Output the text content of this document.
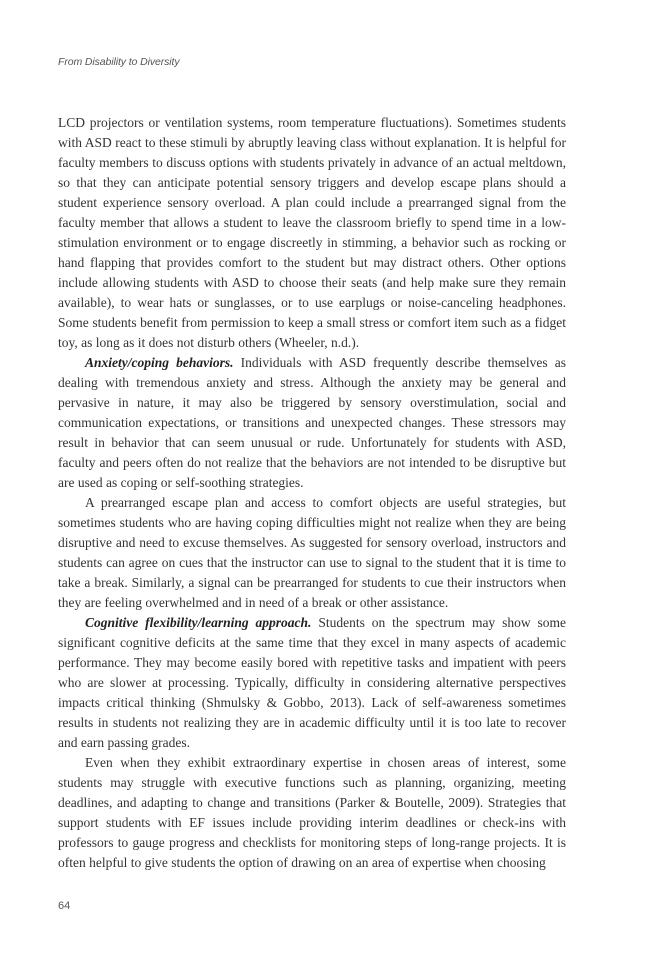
From Disability to Diversity

LCD projectors or ventilation systems, room temperature fluctuations). Sometimes students with ASD react to these stimuli by abruptly leaving class without explanation. It is helpful for faculty members to discuss options with students privately in advance of an actual meltdown, so that they can anticipate potential sensory triggers and develop escape plans should a student experience sensory overload. A plan could include a prearranged signal from the faculty member that allows a student to leave the classroom briefly to spend time in a low-stimulation environment or to engage discreetly in stimming, a behavior such as rocking or hand flapping that provides comfort to the student but may distract others. Other options include allowing students with ASD to choose their seats (and help make sure they remain available), to wear hats or sunglasses, or to use earplugs or noise-canceling headphones. Some students benefit from permission to keep a small stress or comfort item such as a fidget toy, as long as it does not disturb others (Wheeler, n.d.).

Anxiety/coping behaviors. Individuals with ASD frequently describe themselves as dealing with tremendous anxiety and stress. Although the anxiety may be general and pervasive in nature, it may also be triggered by sensory overstimulation, social and communication expectations, or transitions and unexpected changes. These stressors may result in behavior that can seem unusual or rude. Unfortunately for students with ASD, faculty and peers often do not realize that the behaviors are not intended to be disruptive but are used as coping or self-soothing strategies.

A prearranged escape plan and access to comfort objects are useful strategies, but sometimes students who are having coping difficulties might not realize when they are being disruptive and need to excuse themselves. As suggested for sensory overload, instructors and students can agree on cues that the instructor can use to signal to the student that it is time to take a break. Similarly, a signal can be prearranged for students to cue their instructors when they are feeling overwhelmed and in need of a break or other assistance.

Cognitive flexibility/learning approach. Students on the spectrum may show some significant cognitive deficits at the same time that they excel in many aspects of academic performance. They may become easily bored with repetitive tasks and impatient with peers who are slower at processing. Typically, difficulty in considering alternative perspectives impacts critical thinking (Shmulsky & Gobbo, 2013). Lack of self-awareness sometimes results in students not realizing they are in academic difficulty until it is too late to recover and earn passing grades.

Even when they exhibit extraordinary expertise in chosen areas of interest, some students may struggle with executive functions such as planning, organizing, meeting deadlines, and adapting to change and transitions (Parker & Boutelle, 2009). Strategies that support students with EF issues include providing interim deadlines or check-ins with professors to gauge progress and checklists for monitoring steps of long-range projects. It is often helpful to give students the option of drawing on an area of expertise when choosing

64
